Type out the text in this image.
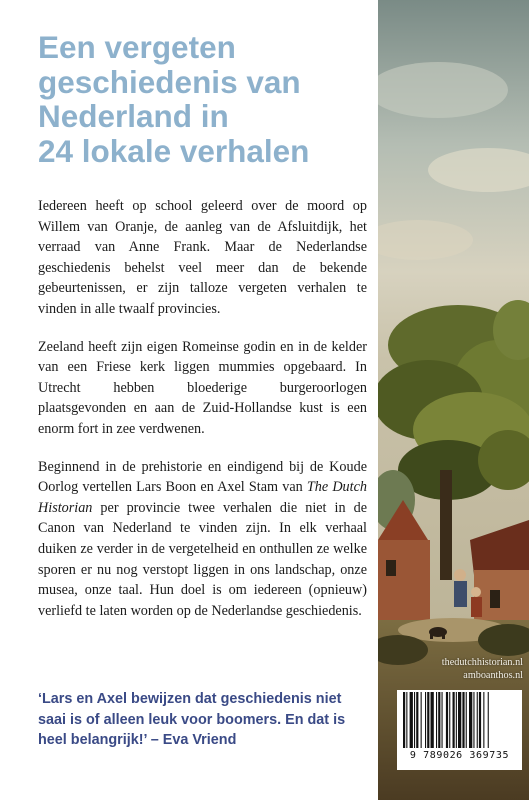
Een vergeten
geschiedenis van
Nederland in
24 lokale verhalen

Iedereen heeft op school geleerd over de moord op Willem van Oranje, de aanleg van de Afsluitdijk, het verraad van Anne Frank. Maar de Nederlandse geschiedenis behelst veel meer dan de bekende gebeurtenissen, er zijn talloze vergeten verhalen te vinden in alle twaalf provincies.

Zeeland heeft zijn eigen Romeinse godin en in de kelder van een Friese kerk liggen mummies opgebaard. In Utrecht hebben bloederige burgeroorlogen plaatsgevonden en aan de Zuid-Hollandse kust is een enorm fort in zee verdwenen.

Beginnend in de prehistorie en eindigend bij de Koude Oorlog vertellen Lars Boon en Axel Stam van The Dutch Historian per provincie twee verhalen die niet in de Canon van Nederland te vinden zijn. In elk verhaal duiken ze verder in de vergetelheid en onthullen ze welke sporen er nu nog verstopt liggen in ons landschap, onze musea, onze taal. Hun doel is om iedereen (opnieuw) verliefd te laten worden op de Nederlandse geschiedenis.

‘Lars en Axel bewijzen dat geschiedenis niet saai is of alleen leuk voor boomers. En dat is heel belangrijk!’ – Eva Vriend
thedutchhistorian.nl
amboanthos.nl
9 789026 369735
